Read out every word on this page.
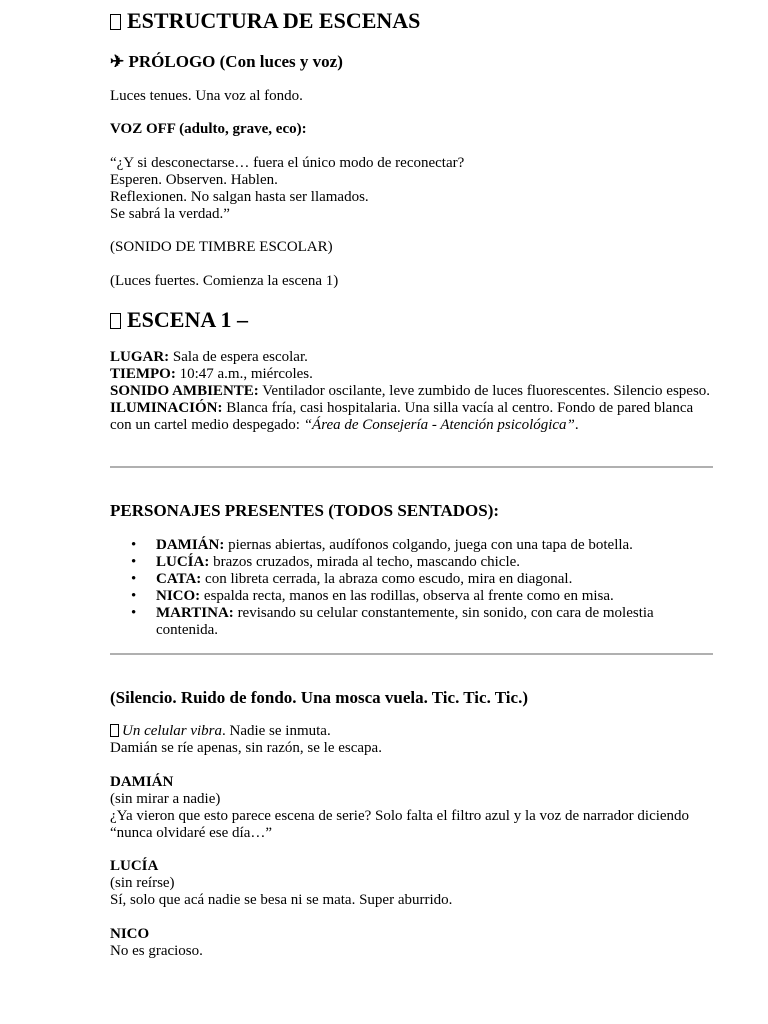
ESTRUCTURA DE ESCENAS
✈ PRÓLOGO (Con luces y voz)
Luces tenues. Una voz al fondo.
VOZ OFF (adulto, grave, eco):
“¿Y si desconectarse… fuera el único modo de reconectar?
Esperen. Observen. Hablen.
Reflexionen. No salgan hasta ser llamados.
Se sabrá la verdad.”
(SONIDO DE TIMBRE ESCOLAR)
(Luces fuertes. Comienza la escena 1)
ESCENA 1 –
LUGAR: Sala de espera escolar.
TIEMPO: 10:47 a.m., miércoles.
SONIDO AMBIENTE: Ventilador oscilante, leve zumbido de luces fluorescentes. Silencio espeso.
ILUMINACIÓN: Blanca fría, casi hospitalaria. Una silla vacía al centro. Fondo de pared blanca con un cartel medio despegado: “Área de Consejería - Atención psicológica”.
PERSONAJES PRESENTES (TODOS SENTADOS):
• DAMIÁN: piernas abiertas, audífonos colgando, juega con una tapa de botella.
• LUCÍA: brazos cruzados, mirada al techo, mascando chicle.
• CATA: con libreta cerrada, la abraza como escudo, mira en diagonal.
• NICO: espalda recta, manos en las rodillas, observa al frente como en misa.
• MARTINA: revisando su celular constantemente, sin sonido, con cara de molestia contenida.
(Silencio. Ruido de fondo. Una mosca vuela. Tic. Tic. Tic.)
Un celular vibra. Nadie se inmuta.
Damián se ríe apenas, sin razón, se le escapa.
DAMIÁN
(sin mirar a nadie)
¿Ya vieron que esto parece escena de serie? Solo falta el filtro azul y la voz de narrador diciendo “nunca olvidaré ese día…”
LUCÍA
(sin reírse)
Sí, solo que acá nadie se besa ni se mata. Super aburrido.
NICO
No es gracioso.
